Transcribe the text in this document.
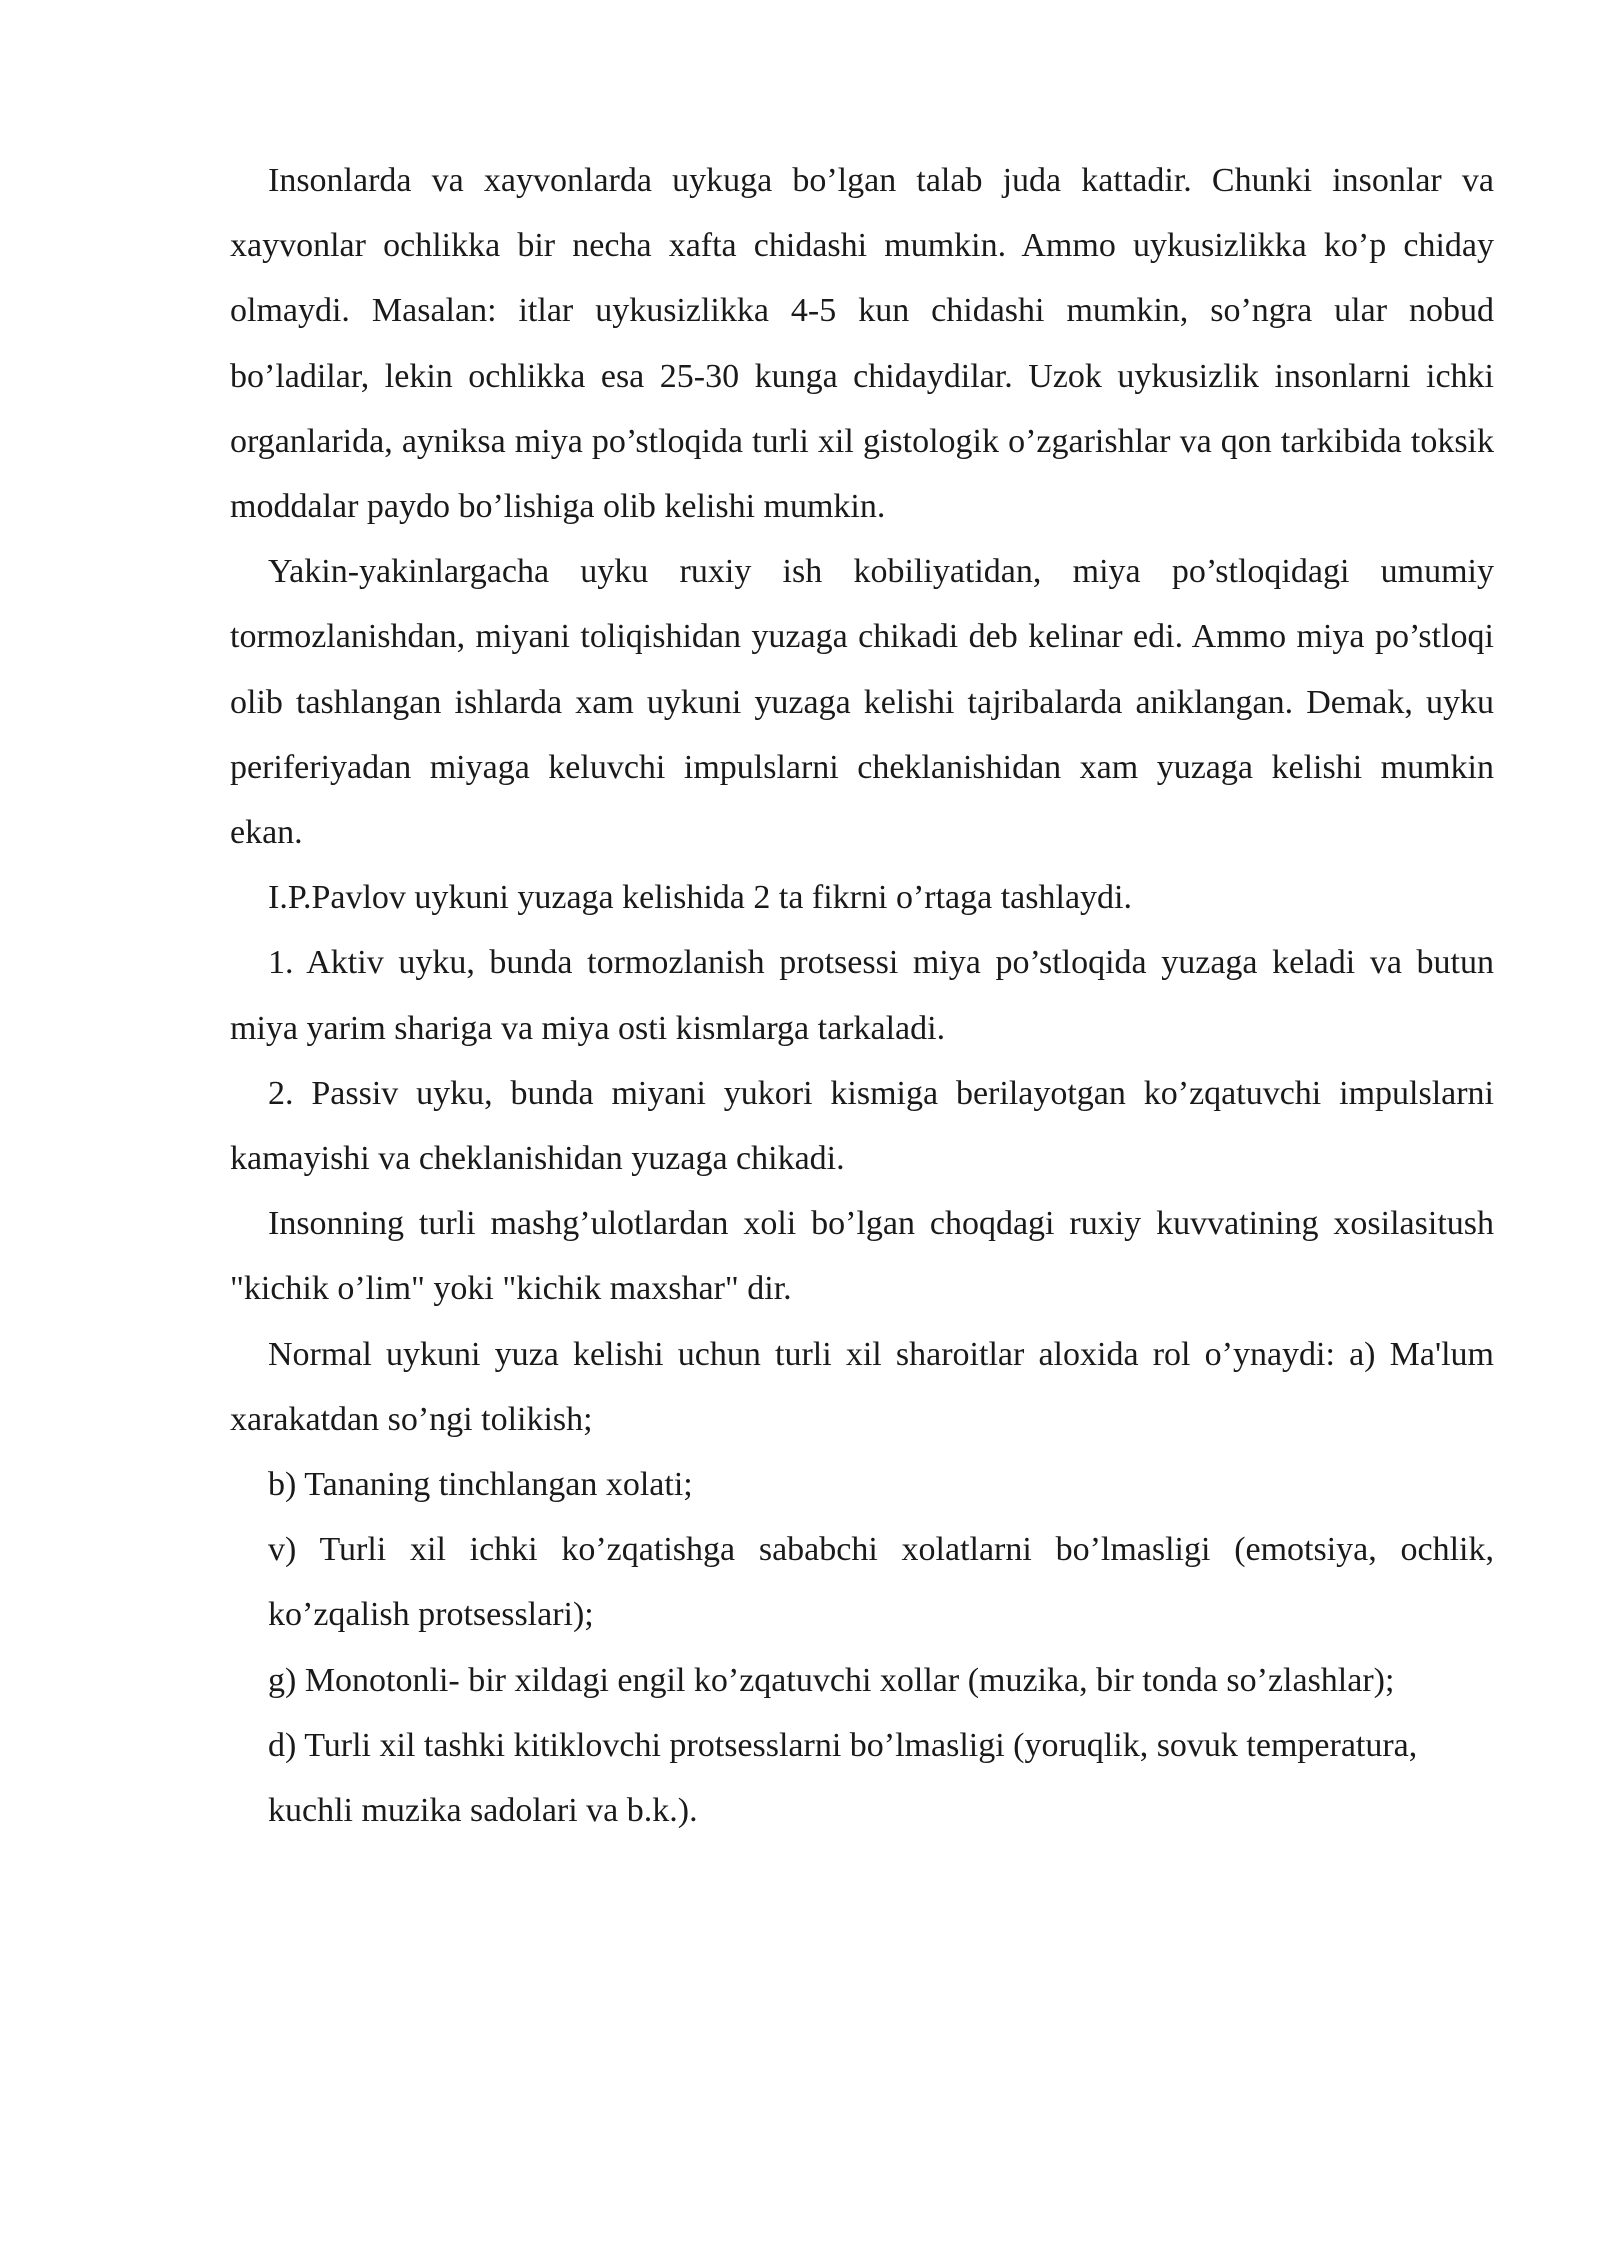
Insonlarda va xayvonlarda uykuga bo’lgan talab juda kattadir. Chunki insonlar va xayvonlar ochlikka bir necha xafta chidashi mumkin. Ammo uykusizlikka ko’p chiday olmaydi. Masalan: itlar uykusizlikka 4-5 kun chidashi mumkin, so’ngra ular nobud bo’ladilar, lekin ochlikka esa 25-30 kunga chidaydilar. Uzok uykusizlik insonlarni ichki organlarida, ayniksa miya po’stloqida turli xil gistologik o’zgarishlar va qon tarkibida toksik moddalar paydo bo’lishiga olib kelishi mumkin.

Yakin-yakinlargacha uyku ruxiy ish kobiliyatidan, miya po’stloqidagi umumiy tormozlanishdan, miyani toliqishidan yuzaga chikadi deb kelinar edi. Ammo miya po’stloqi olib tashlangan ishlarda xam uykuni yuzaga kelishi tajribalarda aniklangan. Demak, uyku periferiyadan miyaga keluvchi impulslarni cheklanishidan xam yuzaga kelishi mumkin ekan.

I.P.Pavlov uykuni yuzaga kelishida 2 ta fikrni o’rtaga tashlaydi.

1. Aktiv uyku, bunda tormozlanish protsessi miya po’stloqida yuzaga keladi va butun miya yarim shariga va miya osti kismlarga tarkaladi.

2. Passiv uyku, bunda miyani yukori kismiga berilayotgan ko’zqatuvchi impulslarni kamayishi va cheklanishidan yuzaga chikadi.

Insonning turli mashg’ulotlardan xoli bo’lgan choqdagi ruxiy kuvvatining xosilasitush "kichik o’lim" yoki "kichik maxshar" dir.

Normal uykuni yuza kelishi uchun turli xil sharoitlar aloxida rol o’ynaydi: a) Ma'lum xarakatdan so’ngi tolikish;

b) Tananing tinchlangan xolati;

v) Turli xil ichki ko’zqatishga sababchi xolatlarni bo’lmasligi (emotsiya, ochlik, ko’zqalish protsesslari);

g) Monotonli- bir xildagi engil ko’zqatuvchi xollar (muzika, bir tonda so’zlashlar);

d) Turli xil tashki kitiklovchi protsesslarni bo’lmasligi (yoruqlik, sovuk temperatura,

kuchli muzika sadolari va b.k.).
